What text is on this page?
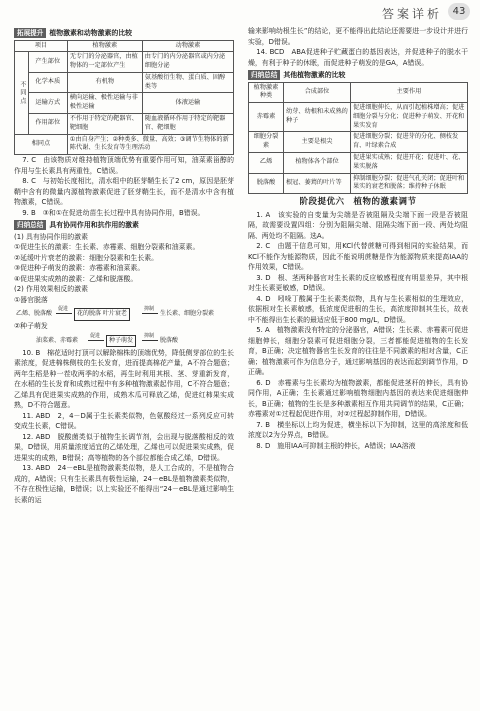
答案详析	43
拓展提升 植物激素和动物激素的比较
项目		植物激素	动物激素
不同点	产生部位	无专门的分泌器官，由植物体的一定部位产生	由专门的内分泌器官或内分泌细胞分泌
	化学本质	有机物	氨基酸衍生物、蛋白质、固醇类等
	运输方式	横向运输、极性运输与非极性运输	体液运输
	作用部位	不作用于特定的靶器官、靶细胞	随血液循环作用于特定的靶器官、靶细胞
相同点		①由自身产生；②种类多、微量、高效；③调节生物体的新陈代谢、生长发育等生理活动	

7. C　由该物质对维持植物顶端优势有重要作用可知，油菜素甾醇的作用与生长素具有两重性，C错误。

8. C　与初始长度相比，清水组中的胚芽鞘生长了2 cm，原因是胚芽鞘中含有的微量内源植物激素促进了胚芽鞘生长，而不是清水中含有植物激素，C错误。

9. B　③和①在促进幼苗生长过程中具有协同作用，B错误。

归纳总结 具有协同作用和抗作用的激素

(1) 具有协同作用的激素

①促进生长的激素：生长素、赤霉素、细胞分裂素和油菜素。

②延缓叶片衰老的激素：细胞分裂素和生长素。

③促进种子萌发的激素：赤霉素和油菜素。

④促进果实成熟的激素：乙烯和脱落酸。

(2) 作用效果相反的激素

①器官脱落

乙烯、脱落酸
促进
花的脱落 叶片衰老
抑制
生长素、细胞分裂素

②种子萌发

油菜素、赤霉素
促进
种子萌发
抑制
脱落酸

10. B　棉花适时打顶可以解除棉株的顶端优势，降低侧芽部位的生长素浓度，促进棉株侧枝的生长发育，进而提高棉花产量，A不符合题意；两年生稻是种一茬收两季的水稻，再生时利用其根、茎、芽重新发育，在水稻的生长发育和成熟过程中有多种植物激素起作用，C不符合题意；乙烯具有促进果实成熟的作用，成熟木瓜可释放乙烯，促进红柿果实成熟，D不符合题意。

11. ABD　2，4－D属于生长素类似物，色氨酸经过一系列反应可转变成生长素，C错误。

12. ABD　脱酸菌类似于植物生长调节剂，会出现与脱落酸相反的效果，D错误，用质量浓度适宜的乙烯处理，乙烯也可以促进果实成熟，促进果实的成熟，B错误；高等植物的各个部位都能合成乙烯，D错误。

13. ABD　24－eBL是植物激素类似物，是人工合成的，不是植物合成的，A错误；只有生长素具有极性运输，24－eBL是植物激素类似物，不存在极性运输，B错误；以上实验还不能得出“24－eBL是通过影响生长素的运

输来影响幼根生长”的结论，更不能得出此结论还需要进一步设计并进行实验，D错误。

14. BCD　ABA促进种子贮藏蛋白的基因表达，并促进种子的脱水干燥，有利于种子的休眠，而促进种子萌发的是GA，A错误。

归纳总结 其他植物激素的比较
植物激素种类	合成部位	主要作用
赤霉素	幼芽、幼根和未成熟的种子	促进细胞伸长，从而引起植株增高；促进细胞分裂与分化；促进种子萌发、开花和果实发育
细胞分裂素	主要是根尖	促进细胞分裂；促进芽的分化、侧枝发育、叶绿素合成
乙烯	植物体各个部位	促进果实成熟；促进开花；促进叶、花、果实脱落
脱落酸	根冠、萎蔫的叶片等	抑制细胞分裂；促进气孔关闭；促进叶和果实的衰老和脱落；维持种子休眠
阶段提优六　植物的激素调节

1. A　该实验的自变量为尖端是否被阻隔及尖端下面一段是否被阻隔，故需要设置四组：分别为阻隔尖端、阻隔尖端下面一段、两处均阻隔、两处均不阻隔。选A。

2. C　由题干信息可知，用KCl代替蔗糖可得到相同的实验结果，而KCl不能作为能源物质，因此不能说明蔗糖是作为能源物质来提高IAA的作用效果，C错误。

3. D　根、茎两种器官对生长素的反应敏感程度有明显差异，其中根对生长素更敏感，D错误。

4. D　吲哚丁酸属于生长素类似物，具有与生长素相似的生理效应，依据根对生长素敏感，低浓度促进根的生长，高浓度抑制其生长，故表中不能得出生长素的最适应低于800 mg/L，D错误。

5. A　植物激素没有特定的分泌器官，A错误；生长素、赤霉素可促进细胞伸长，细胞分裂素可促进细胞分裂，三者都能促进植物的生长发育，B正确；决定植物器官生长发育的往往是不同激素的相对含量，C正确；植物激素可作为信息分子，通过影响基因的表达而起到调节作用，D正确。

6. D　赤霉素与生长素均为植物激素，都能促进茎秆的伸长，具有协同作用，A正确；生长素通过影响植物细胞内基因的表达来促进细胞伸长，B正确；植物的生长是多种激素相互作用共同调节的结果，C正确；赤霉素对①过程起促进作用，对②过程起抑制作用，D错误。

7. B　横坐标以上均为促进，横坐标以下为抑制，这里的高浓度和低浓度以2为分界点，B错误。

8. D　施用IAA可抑制主根的伸长，A错误；IAA溶液
